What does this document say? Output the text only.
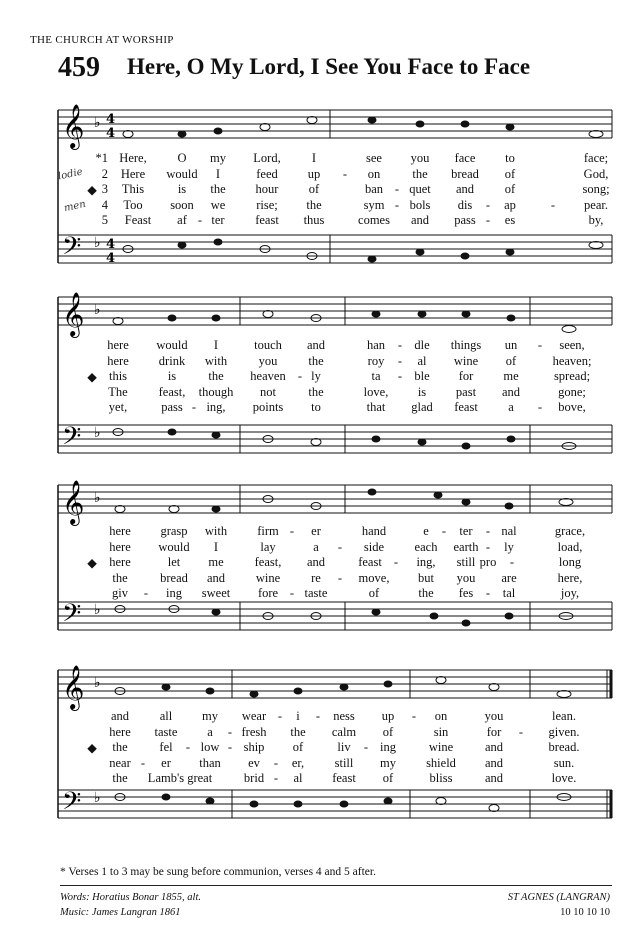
THE CHURCH AT WORSHIP
459 Here, O My Lord, I See You Face to Face
𝄞
𝄢
♭
♭
4
4
4
4
*1 Here, O my Lord, I	see you face to	face;
2 Here would I	feed up - on	the bread of	God,
3
◆ This	is the hour of	ban - quet and of	song;
4 Too soon we rise; the	sym - bols dis - ap	- pear.
5 Feast af - ter feast thus	comes and pass - es	by,
𝄞
𝄢
♭
♭
here would I	touch and	han - dle things un - seen,
here drink with	you the	roy - al wine of	heaven;
◆ this	is	the heaven - ly	ta - ble for me	spread;
The feast, though not	the	love, is past and	gone;
yet,	pass - ing, points to	that glad feast a - bove,
𝄞
𝄢
♭
♭
here grasp with firm - er	hand	e - ter - nal	grace,
here would I	lay	a - side each earth - ly	load,
◆ here	let me feast, and	feast - ing, still pro -	long
the	bread and wine re - move, but you are	here,
giv - ing sweet fore - taste	of	the fes - tal	joy,
𝄞
𝄢
♭
♭
and all my wear - i - ness up - on	you	lean.
here taste a - fresh the calm of	sin	for - given.
◆ the	fel - low - ship of	liv - ing	wine	and	bread.
near - er than ev - er, still my shield and	sun.
the Lamb's great	brid - al feast of	bliss	and	love.
lodie
men
* Verses 1 to 3 may be sung before communion, verses 4 and 5 after.
Words: Horatius Bonar 1855, alt.
Music: James Langran 1861
ST AGNES (LANGRAN)
10 10 10 10
